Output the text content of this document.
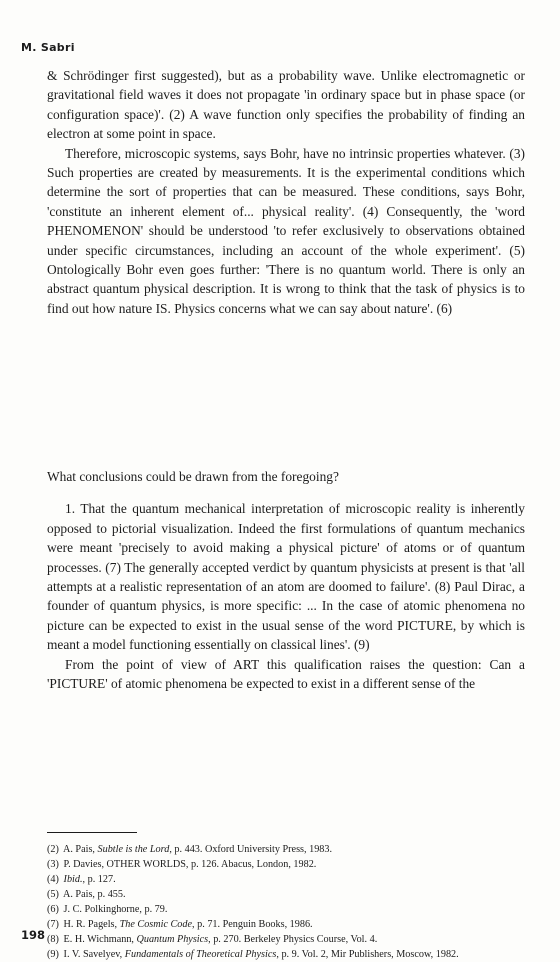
M. Sabri

& Schrödinger first suggested), but as a probability wave. Unlike electromagnetic or gravitational field waves it does not propagate 'in ordinary space but in phase space (or configuration space)'. (2) A wave function only specifies the probability of finding an electron at some point in space.

Therefore, microscopic systems, says Bohr, have no intrinsic properties whatever. (3) Such properties are created by measurements. It is the experimental conditions which determine the sort of properties that can be measured. These conditions, says Bohr, 'constitute an inherent element of... physical reality'. (4) Consequently, the 'word PHENOMENON' should be understood 'to refer exclusively to observations obtained under specific circumstances, including an account of the whole experiment'. (5) Ontologically Bohr even goes further: 'There is no quantum world. There is only an abstract quantum physical description. It is wrong to think that the task of physics is to find out how nature IS. Physics concerns what we can say about nature'. (6)

What conclusions could be drawn from the foregoing?

1. That the quantum mechanical interpretation of microscopic reality is inherently opposed to pictorial visualization. Indeed the first formulations of quantum mechanics were meant 'precisely to avoid making a physical picture' of atoms or of quantum processes. (7) The generally accepted verdict by quantum physicists at present is that 'all attempts at a realistic representation of an atom are doomed to failure'. (8) Paul Dirac, a founder of quantum physics, is more specific: ... In the case of atomic phenomena no picture can be expected to exist in the usual sense of the word PICTURE, by which is meant a model functioning essentially on classical lines'. (9)

From the point of view of ART this qualification raises the question: Can a 'PICTURE' of atomic phenomena be expected to exist in a different sense of the

(2) A. Pais, Subtle is the Lord, p. 443. Oxford University Press, 1983.
(3) P. Davies, OTHER WORLDS, p. 126. Abacus, London, 1982.
(4) Ibid., p. 127.
(5) A. Pais, p. 455.
(6) J. C. Polkinghorne, p. 79.
(7) H. R. Pagels, The Cosmic Code, p. 71. Penguin Books, 1986.
(8) E. H. Wichmann, Quantum Physics, p. 270. Berkeley Physics Course, Vol. 4.
(9) I. V. Savelyev, Fundamentals of Theoretical Physics, p. 9. Vol. 2, Mir Publishers, Moscow, 1982.
198
